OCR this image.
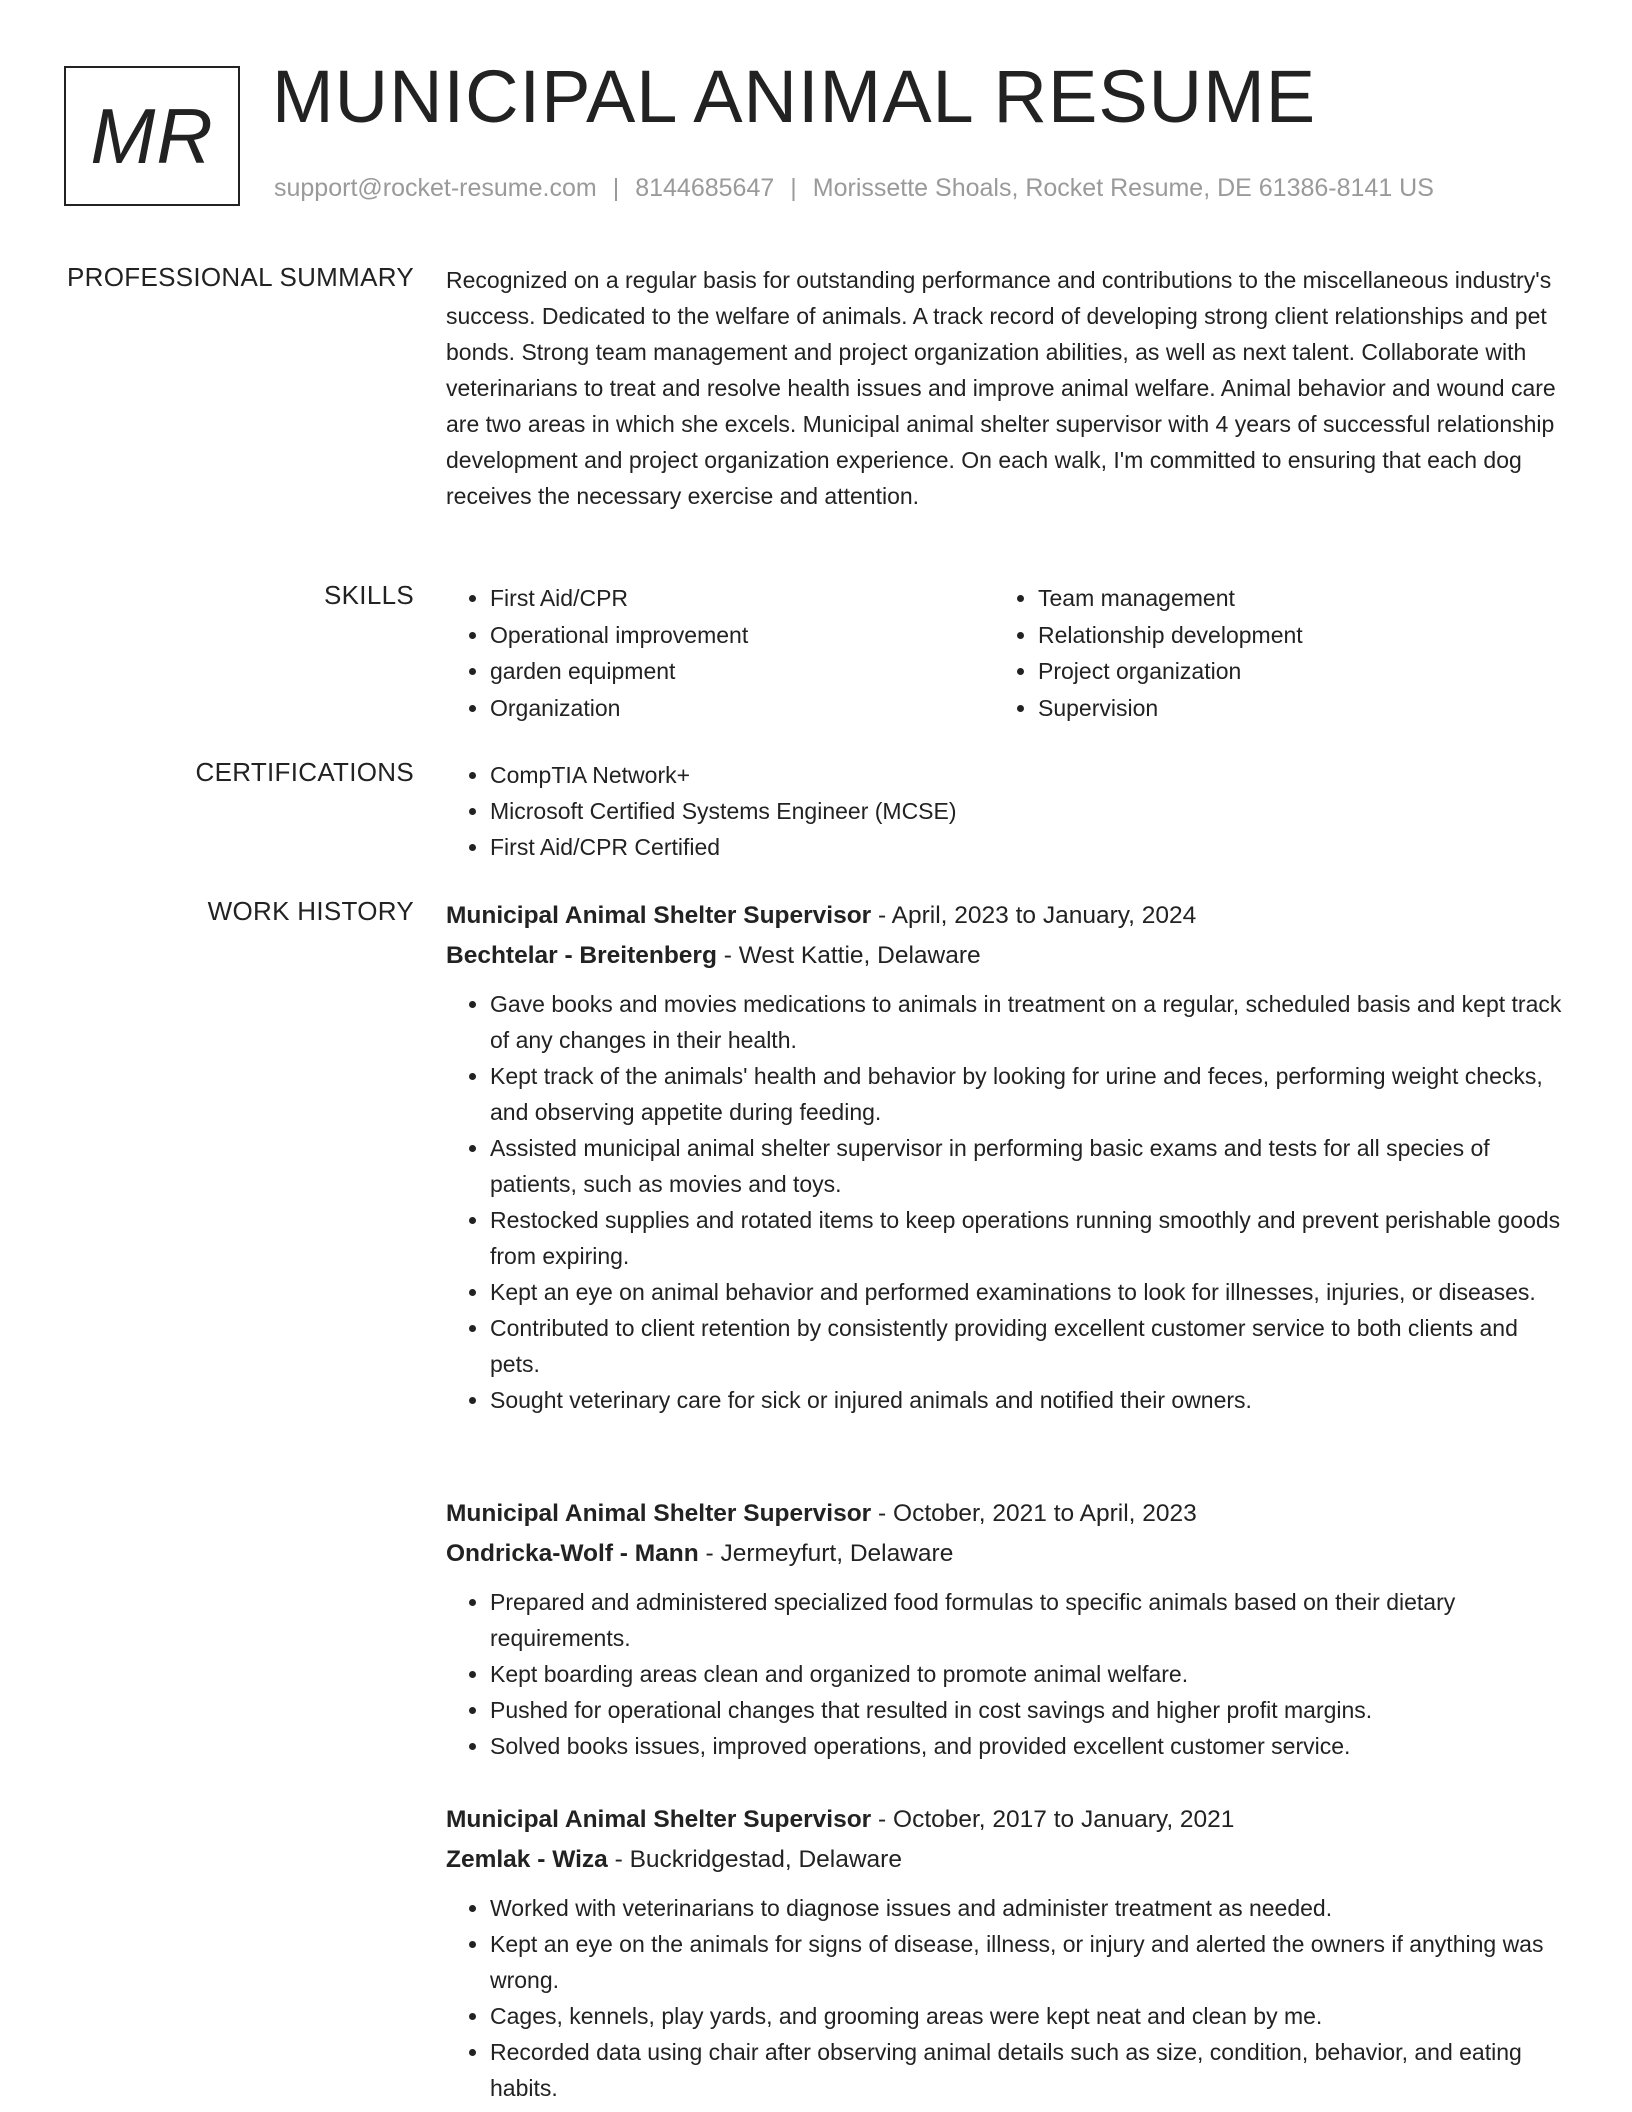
MR MUNICIPAL ANIMAL RESUME
support@rocket-resume.com | 8144685647 | Morissette Shoals, Rocket Resume, DE 61386-8141 US
PROFESSIONAL SUMMARY Recognized on a regular basis for outstanding performance and contributions to the miscellaneous industry's success. Dedicated to the welfare of animals. A track record of developing strong client relationships and pet bonds. Strong team management and project organization abilities, as well as next talent. Collaborate with veterinarians to treat and resolve health issues and improve animal welfare. Animal behavior and wound care are two areas in which she excels. Municipal animal shelter supervisor with 4 years of successful relationship development and project organization experience. On each walk, I'm committed to ensuring that each dog receives the necessary exercise and attention.
SKILLS	• First Aid/CPR
• Operational improvement
• garden equipment
• Organization
• Team management
• Relationship development
• Project organization
• Supervision
CERTIFICATIONS	• CompTIA Network+
• Microsoft Certified Systems Engineer (MCSE)
• First Aid/CPR Certified
WORK HISTORY Municipal Animal Shelter Supervisor - April, 2023 to January, 2024
Bechtelar - Breitenberg - West Kattie, Delaware
• Gave books and movies medications to animals in treatment on a regular, scheduled basis and kept track of any changes in their health.
• Kept track of the animals' health and behavior by looking for urine and feces, performing weight checks, and observing appetite during feeding.
• Assisted municipal animal shelter supervisor in performing basic exams and tests for all species of patients, such as movies and toys.
• Restocked supplies and rotated items to keep operations running smoothly and prevent perishable goods from expiring.
• Kept an eye on animal behavior and performed examinations to look for illnesses, injuries, or diseases.
• Contributed to client retention by consistently providing excellent customer service to both clients and pets.
• Sought veterinary care for sick or injured animals and notified their owners.
Municipal Animal Shelter Supervisor - October, 2021 to April, 2023
Ondricka-Wolf - Mann - Jermeyfurt, Delaware
• Prepared and administered specialized food formulas to specific animals based on their dietary requirements.
• Kept boarding areas clean and organized to promote animal welfare.
• Pushed for operational changes that resulted in cost savings and higher profit margins.
• Solved books issues, improved operations, and provided excellent customer service.
Municipal Animal Shelter Supervisor - October, 2017 to January, 2021
Zemlak - Wiza - Buckridgestad, Delaware
• Worked with veterinarians to diagnose issues and administer treatment as needed.
• Kept an eye on the animals for signs of disease, illness, or injury and alerted the owners if anything was wrong.
• Cages, kennels, play yards, and grooming areas were kept neat and clean by me.
• Recorded data using chair after observing animal details such as size, condition, behavior, and eating habits.
